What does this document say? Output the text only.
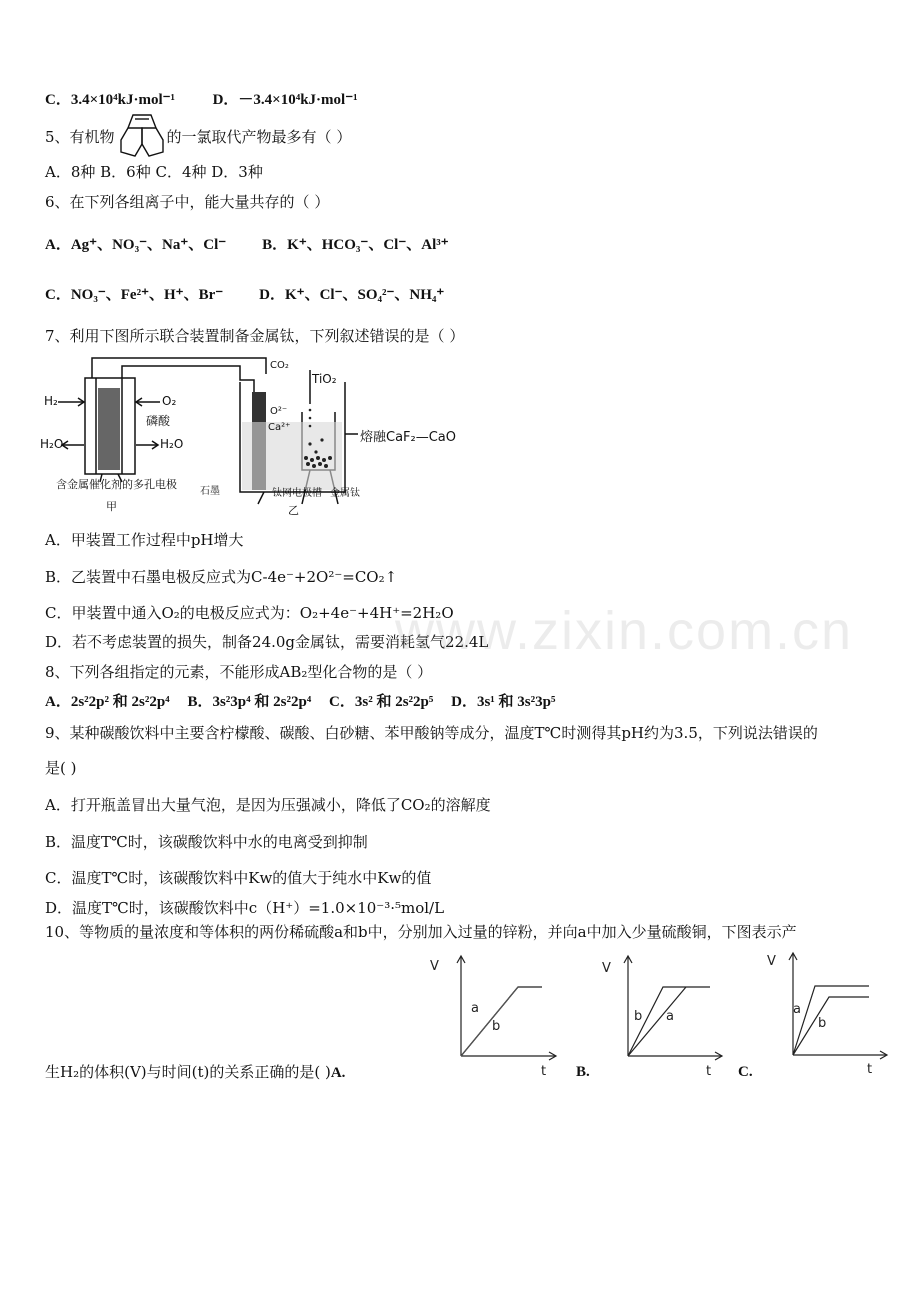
C．3.4×10⁴kJ·mol⁻¹	D．－3.4×10⁴kJ·mol⁻¹
5、有机物	的一氯取代产物最多有（ ）
A．8种 B．6种 C．4种 D．3种
6、在下列各组离子中，能大量共存的（ ）
A．Ag⁺、NO₃⁻、Na⁺、Cl⁻ B．K⁺、HCO₃⁻、Cl⁻、Al³⁺
C．NO₃⁻、Fe²⁺、H⁺、Br⁻ D．K⁺、Cl⁻、SO₄²⁻、NH₄⁺
7、利用下图所示联合装置制备金属钛，下列叙述错误的是（ ）
H₂	O₂
磷酸
H₂O	H₂O
含金属催化剂的多孔电极
甲
CO₂
O²⁻
Ca²⁺
TiO₂
熔融CaF₂—CaO
石墨	钛网电极槽 金属钛
乙
A．甲装置工作过程中pH增大
B．乙装置中石墨电极反应式为C-4e⁻+2O²⁻=CO₂↑
C．甲装置中通入O₂的电极反应式为：O₂+4e⁻+4H⁺=2H₂O
D．若不考虑装置的损失，制备24.0g金属钛，需要消耗氢气22.4L
8、下列各组指定的元素，不能形成AB₂型化合物的是（ ）
A．2s²2p² 和 2s²2p⁴ B．3s²3p⁴ 和 2s²2p⁴ C．3s² 和 2s²2p⁵ D．3s¹ 和 3s²3p⁵
9、某种碳酸饮料中主要含柠檬酸、碳酸、白砂糖、苯甲酸钠等成分，温度T℃时测得其pH约为3.5，下列说法错误的
是( )
A．打开瓶盖冒出大量气泡，是因为压强减小，降低了CO₂的溶解度
B．温度T℃时，该碳酸饮料中水的电离受到抑制
C．温度T℃时，该碳酸饮料中Kw的值大于纯水中Kw的值
D．温度T℃时，该碳酸饮料中c（H⁺）=1.0×10⁻³·⁵mol/L
10、等物质的量浓度和等体积的两份稀硫酸a和b中，分别加入过量的锌粉，并向a中加入少量硫酸铜，下图表示产
生H₂的体积(V)与时间(t)的关系正确的是( )A.	B.	C.
V
t
a
b
V
t
b a
V
t
a
b
www.zixin.com.cn
